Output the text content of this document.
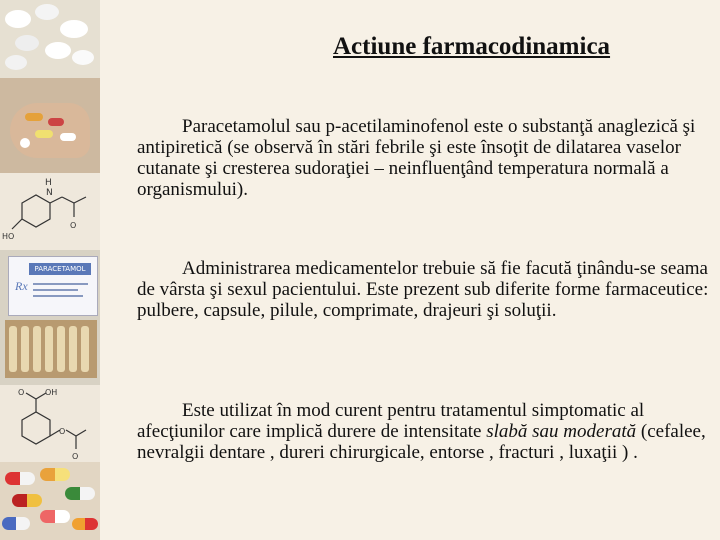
H
N
HO
O
PARACETAMOL
Rx
O	OH
O
O
Actiune farmacodinamica

Paracetamolul sau p-acetilaminofenol este o substanţă anaglezică şi antipiretică (se observă în stări febrile şi este însoţit de dilatarea vaselor cutanate şi cresterea sudoraţiei – neinfluenţând temperatura normală a organismului).

Administrarea medicamentelor trebuie să fie facută ţinându-se seama de vârsta şi sexul pacientului. Este prezent sub diferite forme farmaceutice: pulbere, capsule, pilule, comprimate, drajeuri şi soluţii.

Este utilizat în mod curent pentru tratamentul simptomatic al afecţiunilor care implică durere de intensitate slabă sau moderată (cefalee, nevralgii dentare , dureri chirurgicale, entorse , fracturi , luxaţii ) .
